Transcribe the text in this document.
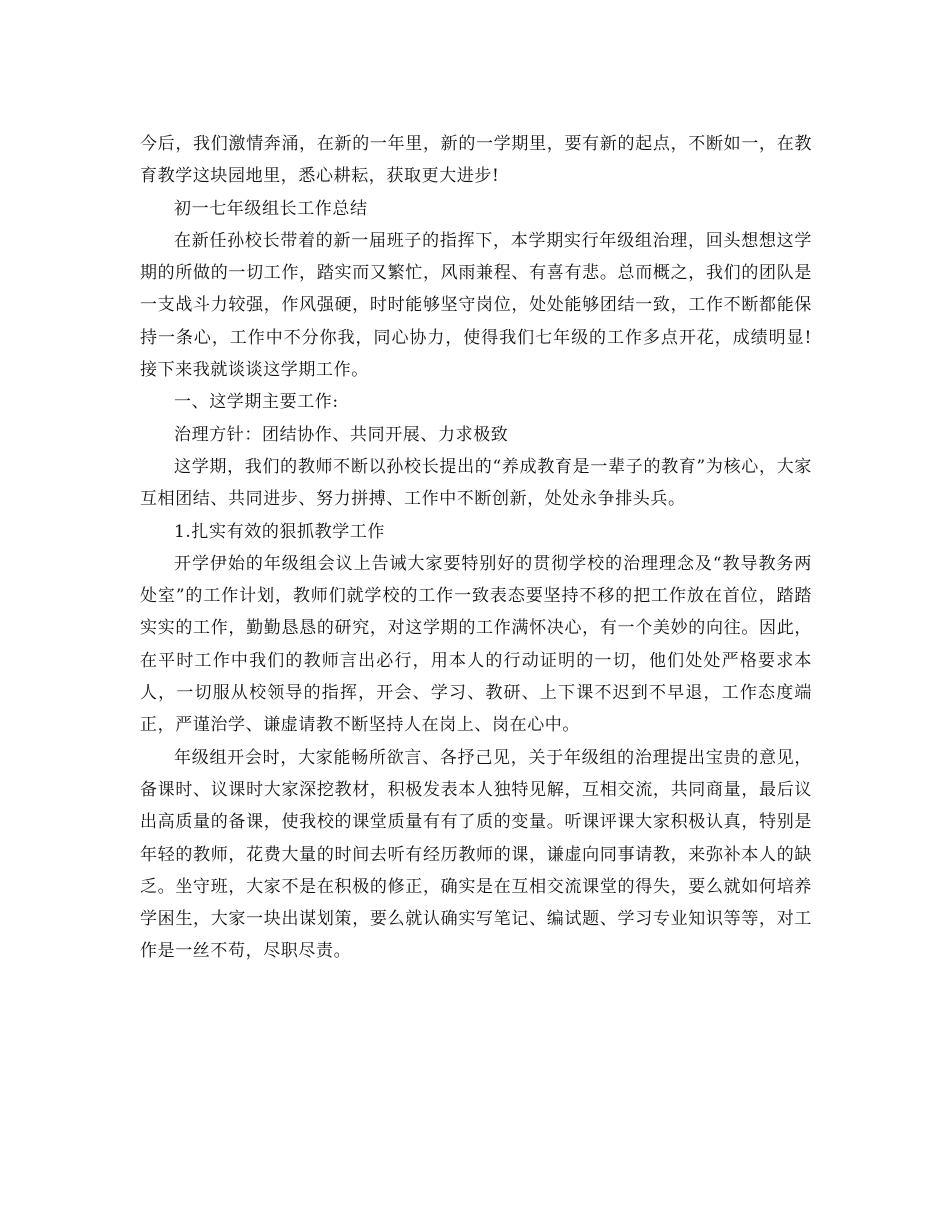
今后，我们激情奔涌，在新的一年里，新的一学期里，要有新的起点，不断如一，在教育教学这块园地里，悉心耕耘，获取更大进步!

初一七年级组长工作总结

在新任孙校长带着的新一届班子的指挥下，本学期实行年级组治理，回头想想这学期的所做的一切工作，踏实而又繁忙，风雨兼程、有喜有悲。总而概之，我们的团队是一支战斗力较强，作风强硬，时时能够坚守岗位，处处能够团结一致，工作不断都能保持一条心，工作中不分你我，同心协力，使得我们七年级的工作多点开花，成绩明显!接下来我就谈谈这学期工作。

一、这学期主要工作:

治理方针：团结协作、共同开展、力求极致

这学期，我们的教师不断以孙校长提出的“养成教育是一辈子的教育”为核心，大家互相团结、共同进步、努力拼搏、工作中不断创新，处处永争排头兵。

1.扎实有效的狠抓教学工作

开学伊始的年级组会议上告诫大家要特别好的贯彻学校的治理理念及“教导教务两处室”的工作计划，教师们就学校的工作一致表态要坚持不移的把工作放在首位，踏踏实实的工作，勤勤恳恳的研究，对这学期的工作满怀决心，有一个美妙的向往。因此，在平时工作中我们的教师言出必行，用本人的行动证明的一切，他们处处严格要求本人，一切服从校领导的指挥，开会、学习、教研、上下课不迟到不早退，工作态度端正，严谨治学、谦虚请教不断坚持人在岗上、岗在心中。

年级组开会时，大家能畅所欲言、各抒己见，关于年级组的治理提出宝贵的意见，备课时、议课时大家深挖教材，积极发表本人独特见解，互相交流，共同商量，最后议出高质量的备课，使我校的课堂质量有有了质的变量。听课评课大家积极认真，特别是年轻的教师，花费大量的时间去听有经历教师的课，谦虚向同事请教，来弥补本人的缺乏。坐守班，大家不是在积极的修正，确实是在互相交流课堂的得失，要么就如何培养学困生，大家一块出谋划策，要么就认确实写笔记、编试题、学习专业知识等等，对工作是一丝不苟，尽职尽责。
